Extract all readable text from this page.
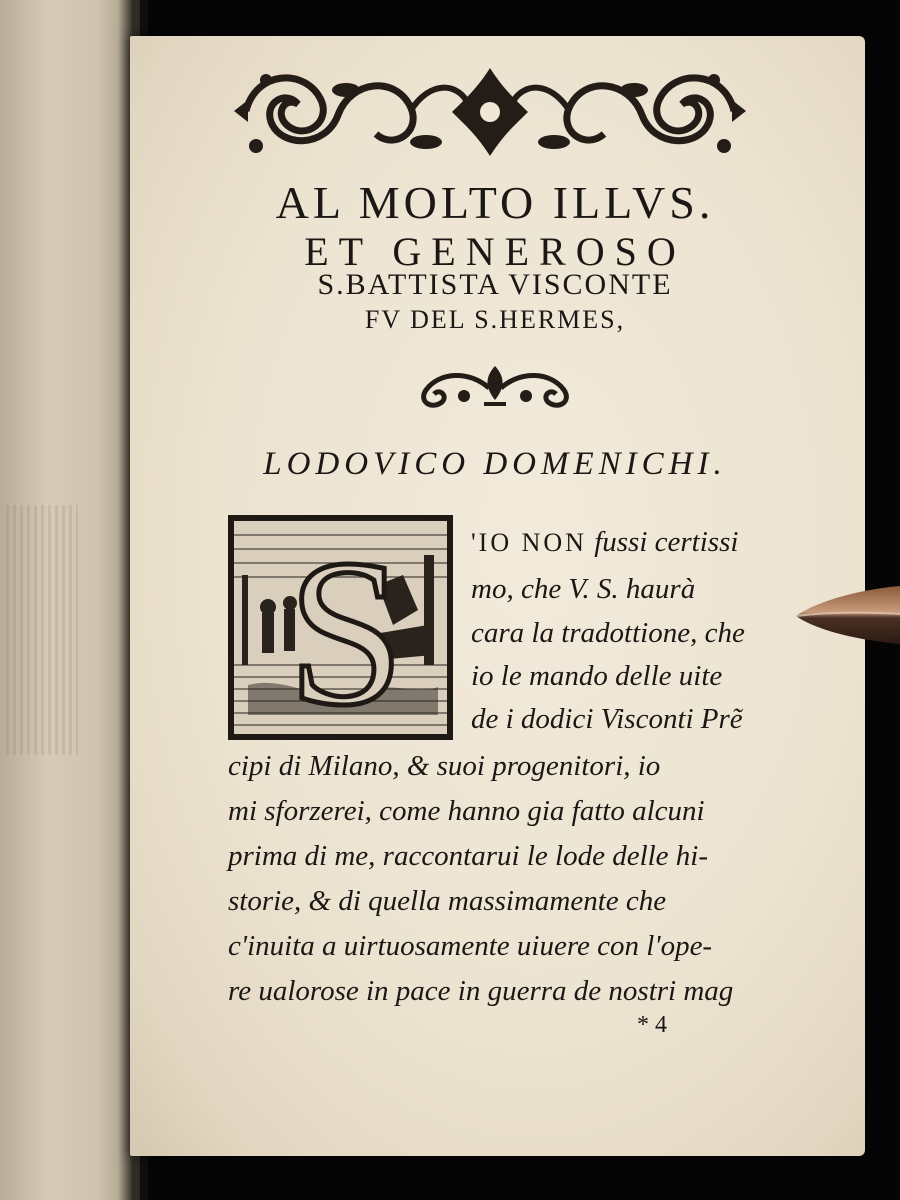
AL MOLTO ILLVS.
ET GENEROSO
S.BATTISTA VISCONTE
FV DEL S.HERMES,
LODOVICO DOMENICHI.
S	'IO NON fussi certissi
mo, che V. S. haurà
cara la tradottione, che
io le mando delle uite
de i dodici Visconti Prẽ
cipi di Milano, & suoi progenitori, io
mi sforzerei, come hanno gia fatto alcuni
prima di me, raccontarui le lode delle hi-
storie, & di quella massimamente che
c'inuita a uirtuosamente uiuere con l'ope-
re ualorose in pace in guerra de nostri mag
* 4
